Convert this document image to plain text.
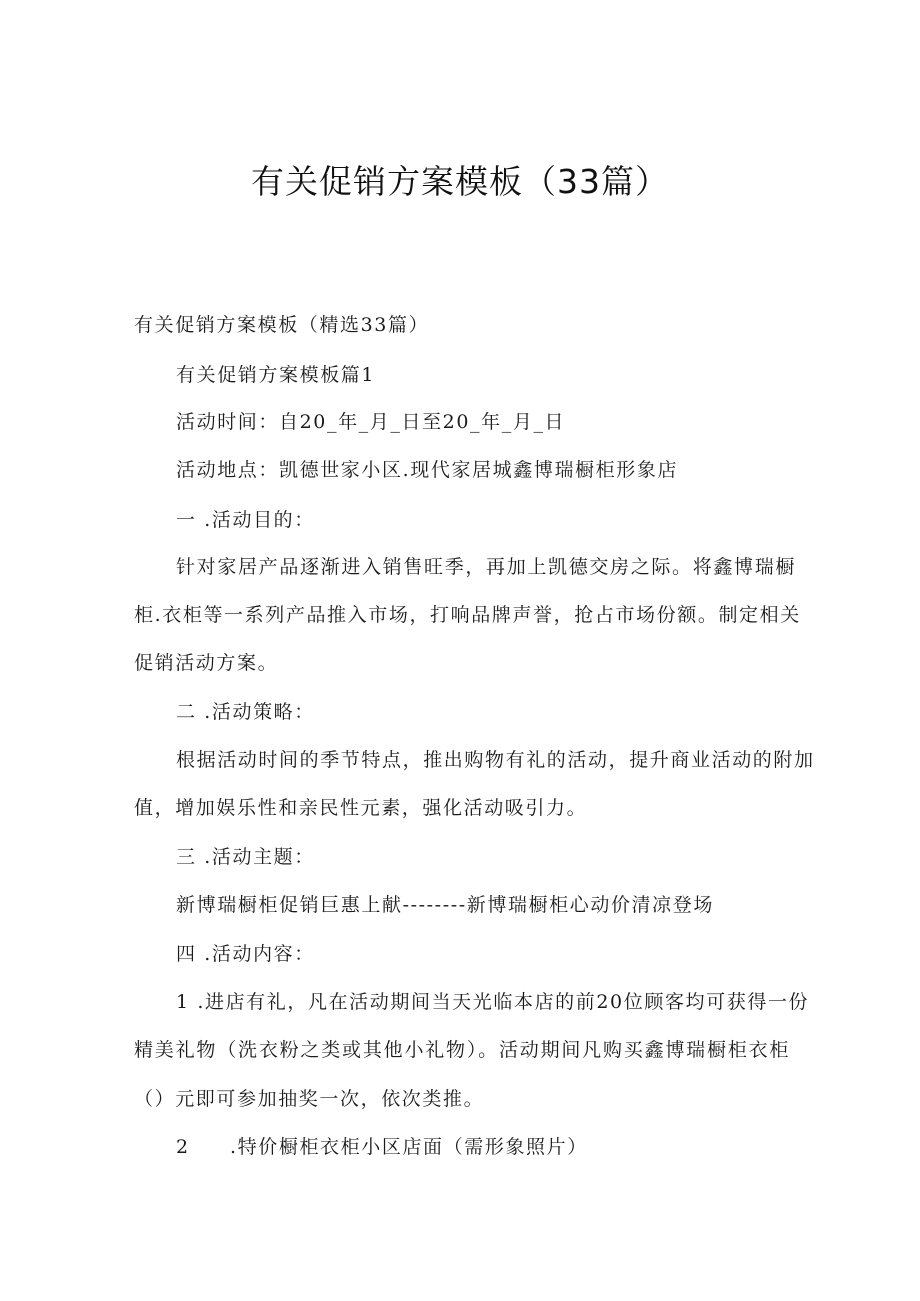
有关促销方案模板（33篇）
有关促销方案模板（精选33篇）
有关促销方案模板篇1
活动时间：自20_年_月_日至20_年_月_日
活动地点：凯德世家小区.现代家居城鑫博瑞橱柜形象店
一 .活动目的：
针对家居产品逐渐进入销售旺季，再加上凯德交房之际。将鑫博瑞橱
柜.衣柜等一系列产品推入市场，打响品牌声誉，抢占市场份额。制定相关
促销活动方案。
二 .活动策略：
根据活动时间的季节特点，推出购物有礼的活动，提升商业活动的附加
值，增加娱乐性和亲民性元素，强化活动吸引力。
三 .活动主题：
新博瑞橱柜促销巨惠上献--------新博瑞橱柜心动价清凉登场
四 .活动内容：
1 .进店有礼，凡在活动期间当天光临本店的前20位顾客均可获得一份
精美礼物（洗衣粉之类或其他小礼物）。活动期间凡购买鑫博瑞橱柜衣柜
（）元即可参加抽奖一次，依次类推。
2 .特价橱柜衣柜小区店面（需形象照片）
